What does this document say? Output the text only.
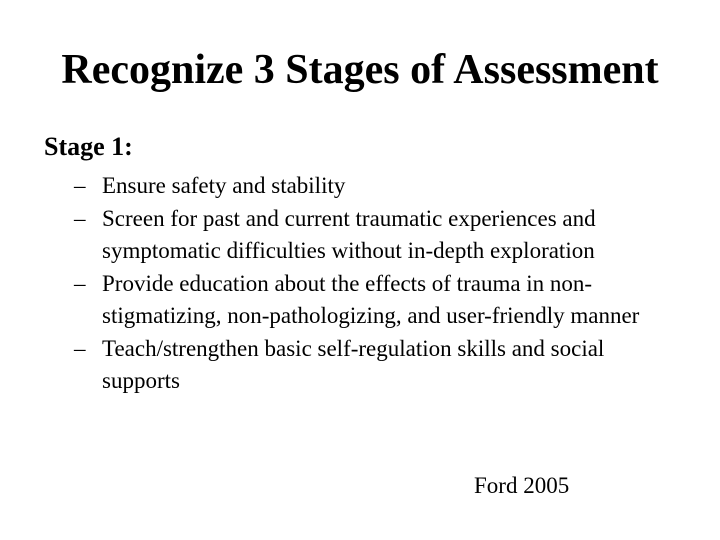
Recognize 3 Stages of Assessment
Stage 1:
– Ensure safety and stability
– Screen for past and current traumatic experiences and symptomatic difficulties without in-depth exploration
– Provide education about the effects of trauma in non-stigmatizing, non-pathologizing, and user-friendly manner
– Teach/strengthen basic self-regulation skills and social supports
Ford 2005
